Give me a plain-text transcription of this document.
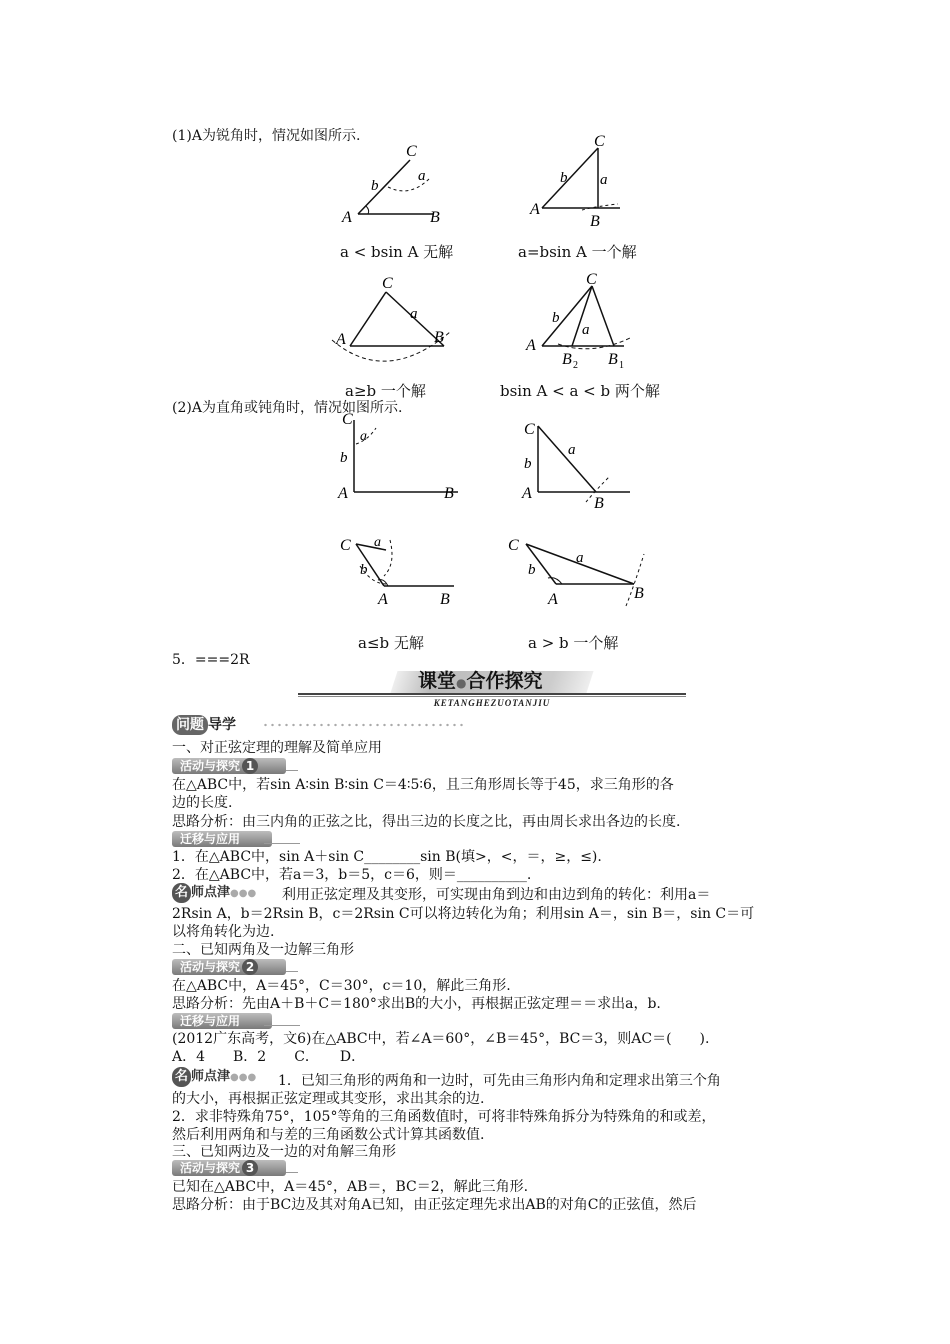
(1)A为锐角时，情况如图所示.
C
b
a
A	B
a < bsin A 无解
C
b a
A
B
a=bsin A 一个解
C
a
A	B
a≥b 一个解
C
b
a
A
B 2 B 1
bsin A < a < b 两个解
(2)A为直角或钝角时，情况如图所示.
C
a
b
A	B
C
a
b
A
B
C a
b
A	B
a≤b 无解
C
a
b
A	B
a > b 一个解
5．===2R
课堂●合作探究
KETANGHEZUOTANJIU
问题 导学
一、对正弦定理的理解及简单应用
活动与探究 1
在△ABC中，若sin A∶sin B∶sin C＝4∶5∶6，且三角形周长等于45，求三角形的各
边的长度.
思路分析：由三内角的正弦之比，得出三边的长度之比，再由周长求出各边的长度.
迁移与应用
1．在△ABC中，sin A＋sin C________sin B(填>，<，＝，≥，≤).
2．在△ABC中，若a＝3，b＝5，c＝6，则＝__________.
名 师点津●●● 利用正弦定理及其变形，可实现由角到边和由边到角的转化：利用a＝
2Rsin A，b＝2Rsin B，c＝2Rsin C可以将边转化为角；利用sin A＝，sin B＝，sin C＝可
以将角转化为边.
二、已知两角及一边解三角形
活动与探究 2
在△ABC中，A＝45°，C＝30°，c＝10，解此三角形.
思路分析：先由A＋B＋C＝180°求出B的大小，再根据正弦定理＝＝求出a，b.
迁移与应用
(2012广东高考，文6)在△ABC中，若∠A＝60°，∠B＝45°，BC＝3，则AC＝(　　).
A．4　　B．2　　C．　　D．
名 师点津●●● 1．已知三角形的两角和一边时，可先由三角形内角和定理求出第三个角
的大小，再根据正弦定理或其变形，求出其余的边.
2．求非特殊角75°，105°等角的三角函数值时，可将非特殊角拆分为特殊角的和或差，
然后利用两角和与差的三角函数公式计算其函数值.
三、已知两边及一边的对角解三角形
活动与探究 3
已知在△ABC中，A＝45°，AB＝，BC＝2，解此三角形.
思路分析：由于BC边及其对角A已知，由正弦定理先求出AB的对角C的正弦值，然后
